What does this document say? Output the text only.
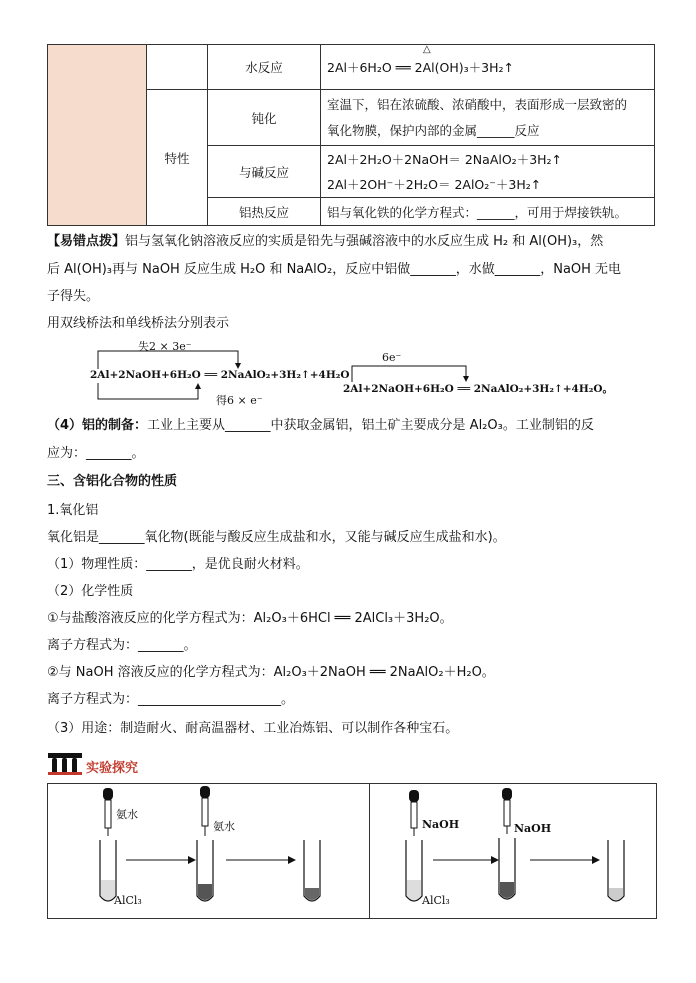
		水反应	△
2Al＋6H₂O ══ 2Al(OH)₃＋3H₂↑
	特性	钝化	室温下，铝在浓硫酸、浓硝酸中，表面形成一层致密的
氧化物膜，保护内部的金属______反应

		与碱反应	2Al＋2H₂O＋2NaOH＝ 2NaAlO₂＋3H₂↑
2Al＋2OH⁻＋2H₂O＝ 2AlO₂⁻＋3H₂↑

		铝热反应	铝与氧化铁的化学方程式：______，可用于焊接铁轨。
【易错点拨】铝与氢氧化钠溶液反应的实质是铅先与强碱溶液中的水反应生成 H₂ 和 Al(OH)₃，然
后 Al(OH)₃再与 NaOH 反应生成 H₂O 和 NaAlO₂，反应中铝做_______，水做_______，NaOH 无电
子得失。
用双线桥法和单线桥法分别表示
失2 × 3e⁻
2Al+2NaOH+6H₂O ══ 2NaAlO₂+3H₂↑+4H₂O
得6 × e⁻
6e⁻
2Al+2NaOH+6H₂O ══ 2NaAlO₂+3H₂↑+4H₂O。
（4）铝的制备：工业上主要从_______中获取金属铝，铝土矿主要成分是 Al₂O₃。工业制铝的反
应为：_______。
三、含铝化合物的性质
1.氧化铝
氧化铝是_______氧化物(既能与酸反应生成盐和水，又能与碱反应生成盐和水)。
（1）物理性质：_______，是优良耐火材料。
（2）化学性质
①与盐酸溶液反应的化学方程式为：Al₂O₃＋6HCl ══ 2AlCl₃＋3H₂O。
离子方程式为：_______。
②与 NaOH 溶液反应的化学方程式为：Al₂O₃＋2NaOH ══ 2NaAlO₂＋H₂O。
离子方程式为：______________________。
（3）用途：制造耐火、耐高温器材、工业冶炼铝、可以制作各种宝石。
实验探究
氨水
氨水
AlCl₃
NaOH	NaOH
AlCl₃
